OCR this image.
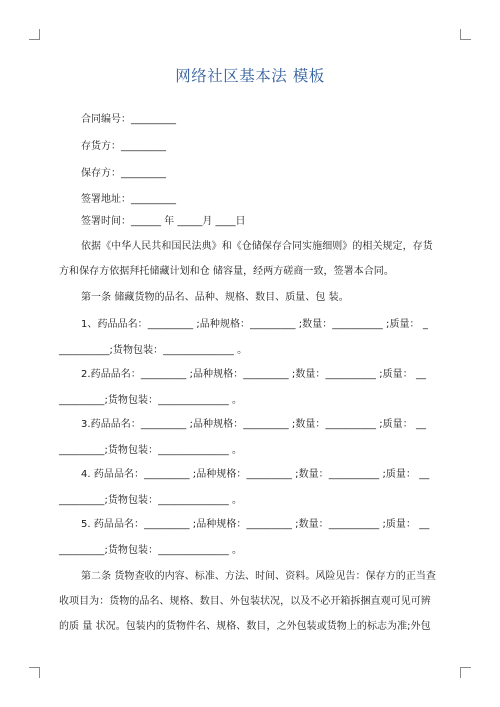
网络社区基本法 模板
合同编号：_________
存货方：_________
保存方：_________
签署地址：_________
签署时间：______ 年 _____月 ____日
依据《中华人民共和国民法典》和《仓储保存合同实施细则》的相关规定，存货
方和保存方依据拜托储藏计划和仓 储容量，经两方磋商一致，签署本合同。
第一条 储藏货物的品名、品种、规格、数目、质量、包 装。
1、药品品名：_________ ;品种规格：_________ ;数量：__________ ;质量： _
__________;货物包装：______________ 。
2.药品品名：_________ ;品种规格：_________ ;数量：__________ ;质量： __
_________;货物包装：______________ 。
3.药品品名：_________ ;品种规格：_________ ;数量：__________ ;质量： __
_________;货物包装：______________ 。
4. 药品品名：_________ ;品种规格：_________ ;数量：__________ ;质量： __
_________;货物包装：______________ 。
5. 药品品名：_________ ;品种规格：_________ ;数量：__________ ;质量： __
_________;货物包装：______________ 。
第二条 货物查收的内容、标准、方法、时间、资料。风险见告：保存方的正当查
收项目为：货物的品名、规格、数目、外包装状况，以及不必开箱拆捆直观可见可辨
的质 量 状况。包装内的货物件名、规格、数目，之外包装或货物上的标志为准;外包
